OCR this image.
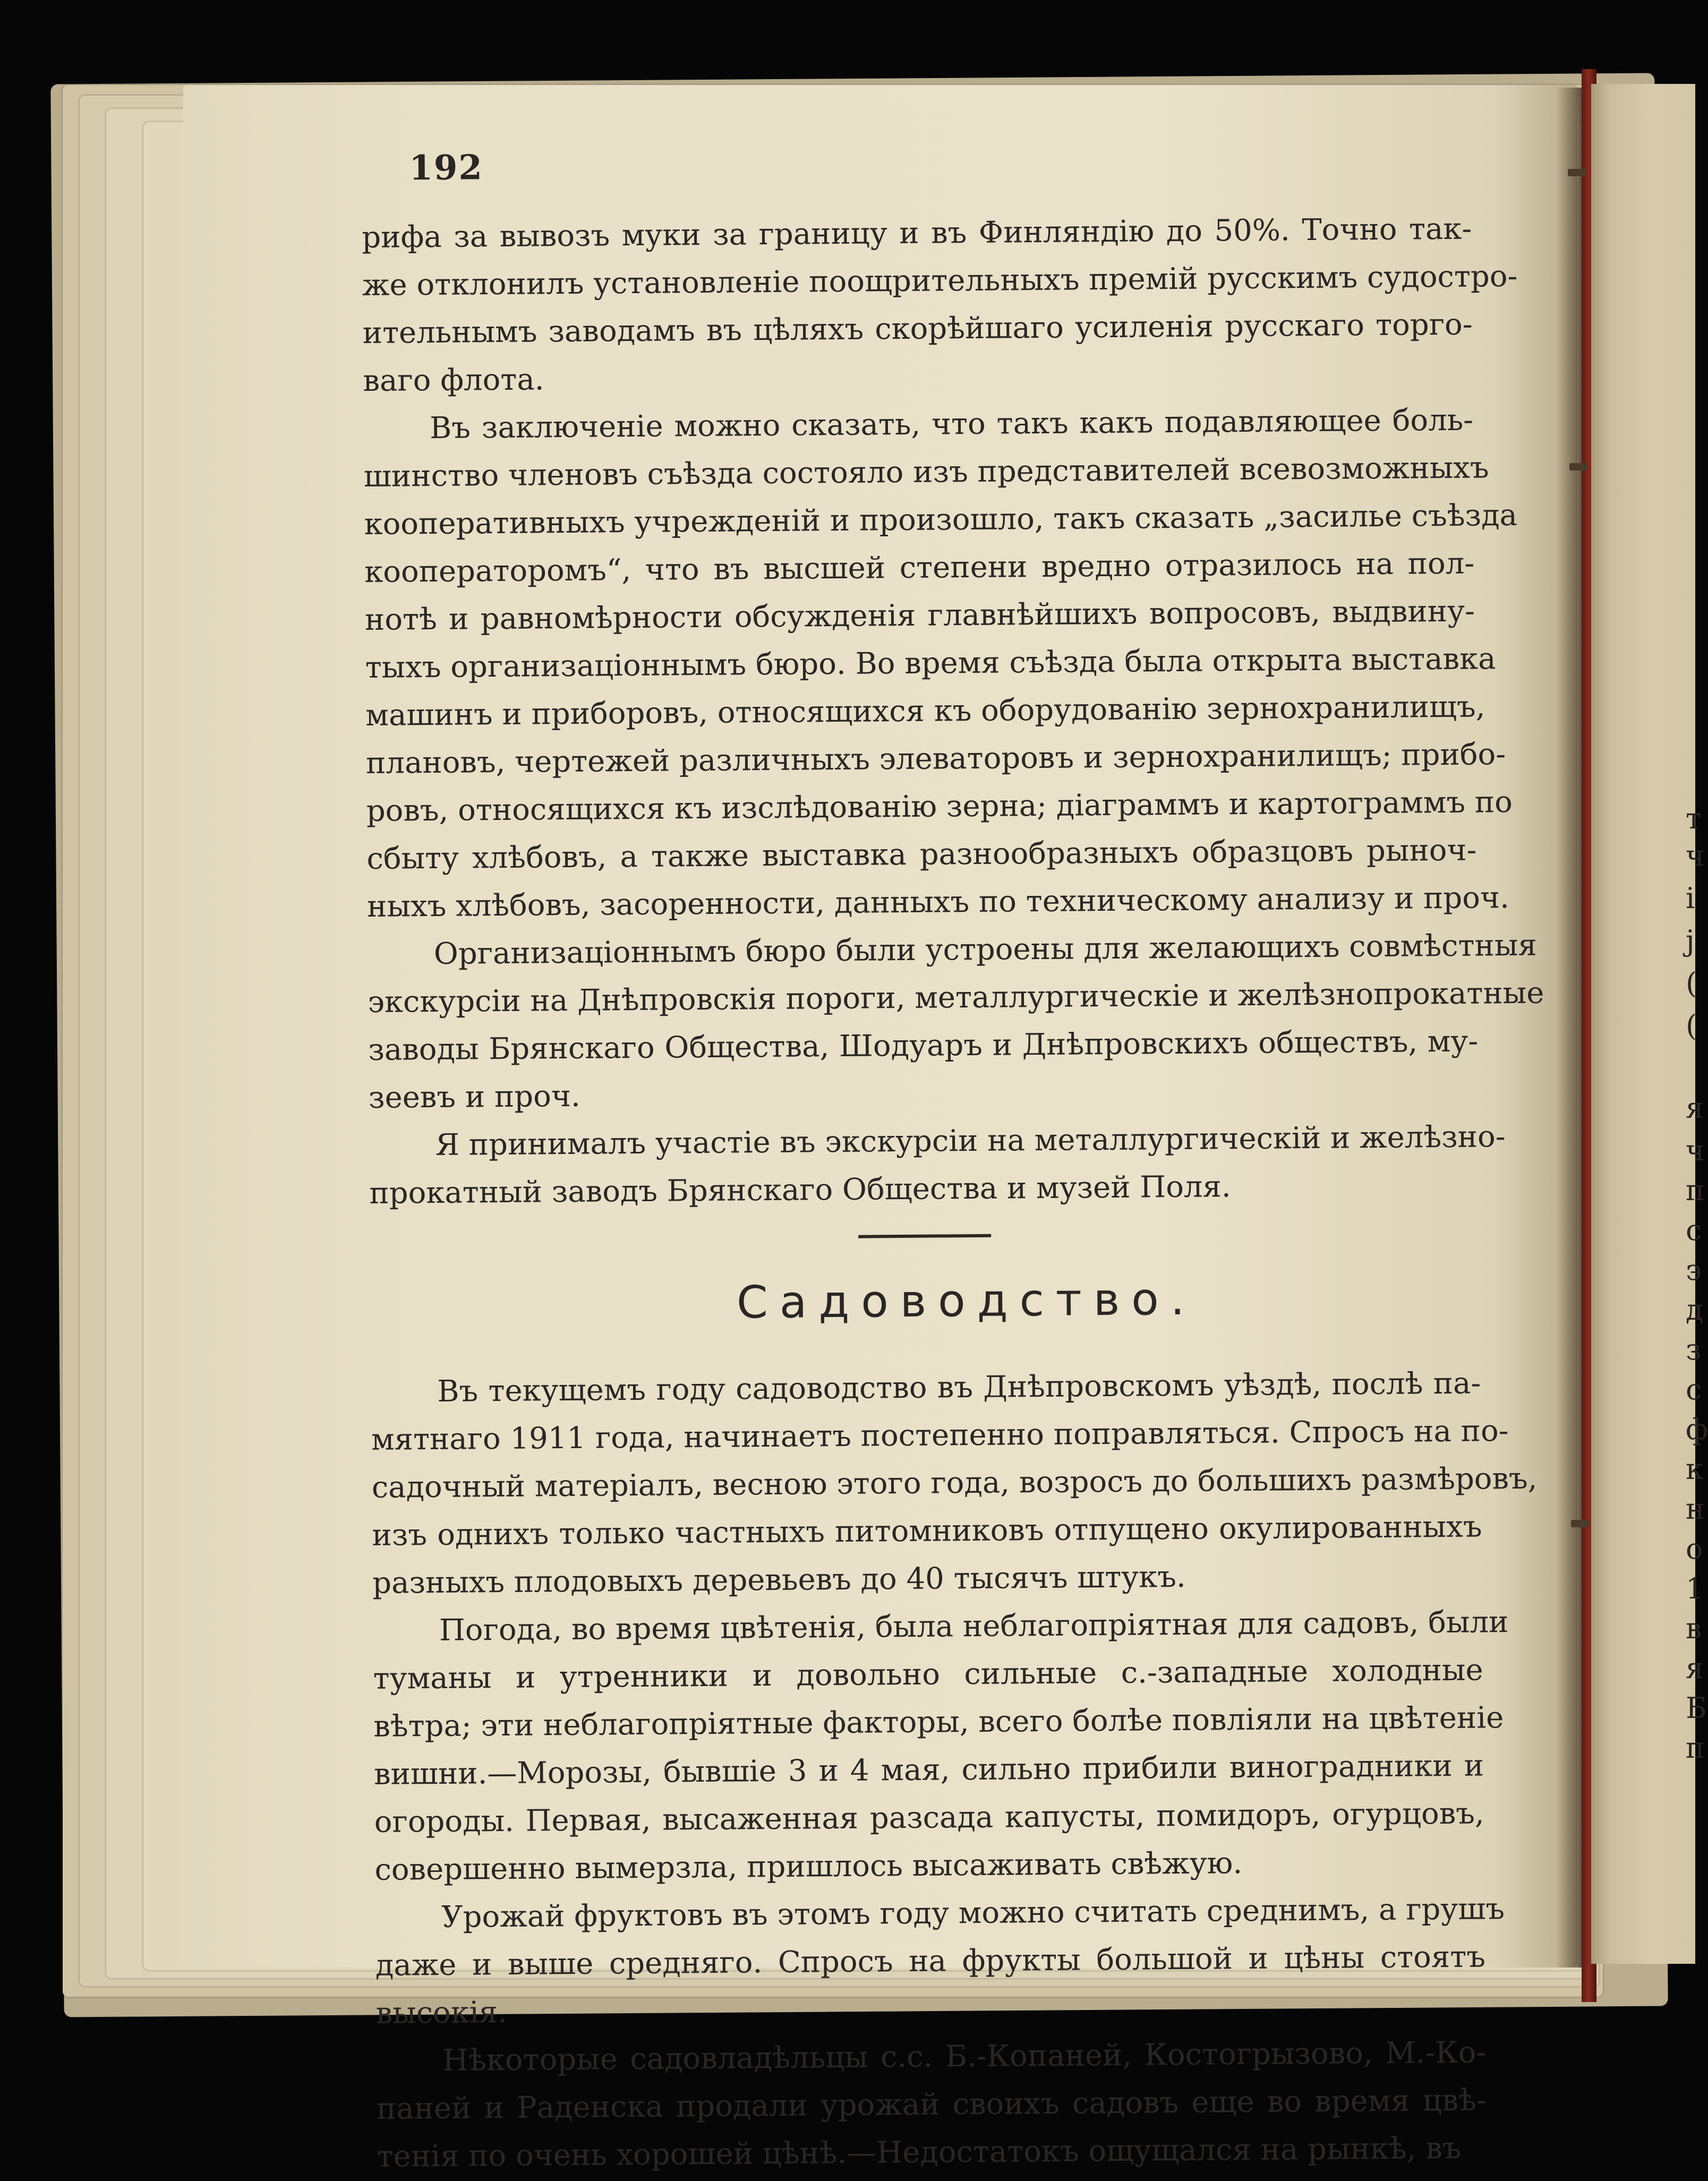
т
ч
і
ј
(
(
я
ч
п
с
э
д
з
с
ф
к
н
о
1
в
я
Б
п
192

рифа за вывозъ муки за границу и въ Финляндію до 50%. Точно так-
же отклонилъ установленіе поощрительныхъ премій русскимъ судостро-
ительнымъ заводамъ въ цѣляхъ скорѣйшаго усиленія русскаго торго-
ваго флота.

Въ заключеніе можно сказать, что такъ какъ подавляющее боль-
шинство членовъ съѣзда состояло изъ представителей всевозможныхъ
кооперативныхъ учрежденій и произошло, такъ сказать „засилье съѣзда
кооператоромъ“, что въ высшей степени вредно отразилось на пол-
нотѣ и равномѣрности обсужденія главнѣйшихъ вопросовъ, выдвину-
тыхъ организаціоннымъ бюро. Во время съѣзда была открыта выставка
машинъ и приборовъ, относящихся къ оборудованію зернохранилищъ,
плановъ, чертежей различныхъ элеваторовъ и зернохранилищъ; прибо-
ровъ, относящихся къ изслѣдованію зерна; діаграммъ и картограммъ по
сбыту хлѣбовъ, а также выставка разнообразныхъ образцовъ рыноч-
ныхъ хлѣбовъ, засоренности, данныхъ по техническому анализу и проч.

Организаціоннымъ бюро были устроены для желающихъ совмѣстныя
экскурсіи на Днѣпровскія пороги, металлургическіе и желѣзнопрокатные
заводы Брянскаго Общества, Шодуаръ и Днѣпровскихъ обществъ, му-
зеевъ и проч.

Я принималъ участіе въ экскурсіи на металлургическій и желѣзно-
прокатный заводъ Брянскаго Общества и музей Поля.

Садоводство.

Въ текущемъ году садоводство въ Днѣпровскомъ уѣздѣ, послѣ па-
мятнаго 1911 года, начинаетъ постепенно поправляться. Спросъ на по-
садочный матеріалъ, весною этого года, возросъ до большихъ размѣровъ,
изъ однихъ только частныхъ питомниковъ отпущено окулированныхъ
разныхъ плодовыхъ деревьевъ до 40 тысячъ штукъ.

Погода, во время цвѣтенія, была неблагопріятная для садовъ, были
туманы и утренники и довольно сильные с.-западные холодные
вѣтра; эти неблагопріятные факторы, всего болѣе повліяли на цвѣтеніе
вишни.—Морозы, бывшіе 3 и 4 мая, сильно прибили виноградники и
огороды. Первая, высаженная разсада капусты, помидоръ, огурцовъ,
совершенно вымерзла, пришлось высаживать свѣжую.

Урожай фруктовъ въ этомъ году можно считать среднимъ, а грушъ
даже и выше средняго. Спросъ на фрукты большой и цѣны стоятъ
высокія.

Нѣкоторые садовладѣльцы с.с. Б.-Копаней, Костогрызово, М.-Ко-
паней и Раденска продали урожай своихъ садовъ еще во время цвѣ-
тенія по очень хорошей цѣнѣ.—Недостатокъ ощущался на рынкѣ, въ
